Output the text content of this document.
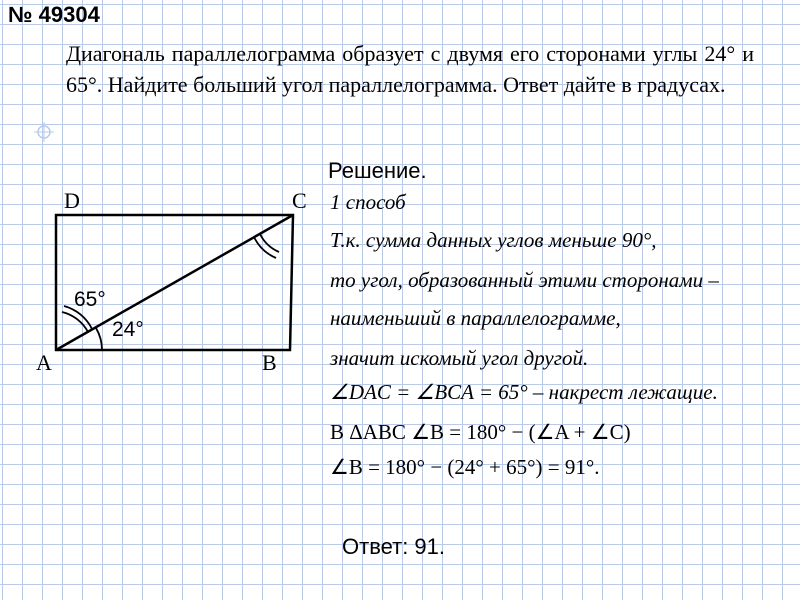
№ 49304
Диагональ параллелограмма образует с двумя его сторонами углы 24° и 65°. Найдите больший угол параллелограмма. Ответ дайте в градусах.
D	C
A	B
65°
24°
Решение.
1 способ
Т.к. сумма данных углов меньше 90°,
то угол, образованный этими сторонами –
наименьший в параллелограмме,
значит искомый угол другой.
∠DAC = ∠BCA = 65° – накрест лежащие.
В ΔABC ∠B = 180° − (∠A + ∠C)
∠B = 180° − (24° + 65°) = 91°.
Ответ: 91.
